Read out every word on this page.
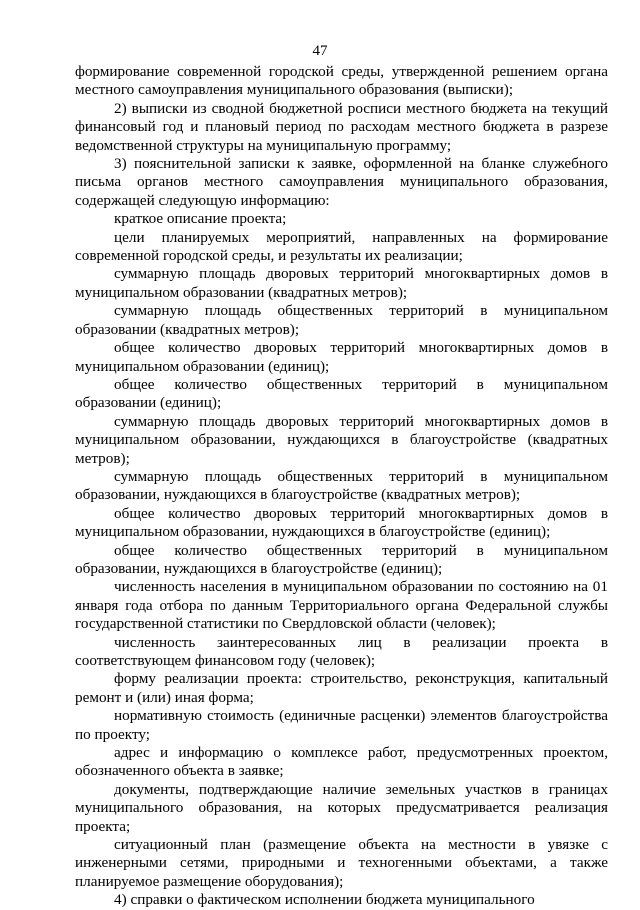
47

формирование современной городской среды, утвержденной решением органа местного самоуправления муниципального образования (выписки);

2) выписки из сводной бюджетной росписи местного бюджета на текущий финансовый год и плановый период по расходам местного бюджета в разрезе ведомственной структуры на муниципальную программу;

3) пояснительной записки к заявке, оформленной на бланке служебного письма органов местного самоуправления муниципального образования, содержащей следующую информацию:

краткое описание проекта;

цели планируемых мероприятий, направленных на формирование современной городской среды, и результаты их реализации;

суммарную площадь дворовых территорий многоквартирных домов в муниципальном образовании (квадратных метров);

суммарную площадь общественных территорий в муниципальном образовании (квадратных метров);

общее количество дворовых территорий многоквартирных домов в муниципальном образовании (единиц);

общее количество общественных территорий в муниципальном образовании (единиц);

суммарную площадь дворовых территорий многоквартирных домов в муниципальном образовании, нуждающихся в благоустройстве (квадратных метров);

суммарную площадь общественных территорий в муниципальном образовании, нуждающихся в благоустройстве (квадратных метров);

общее количество дворовых территорий многоквартирных домов в муниципальном образовании, нуждающихся в благоустройстве (единиц);

общее количество общественных территорий в муниципальном образовании, нуждающихся в благоустройстве (единиц);

численность населения в муниципальном образовании по состоянию на 01 января года отбора по данным Территориального органа Федеральной службы государственной статистики по Свердловской области (человек);

численность заинтересованных лиц в реализации проекта в соответствующем финансовом году (человек);

форму реализации проекта: строительство, реконструкция, капитальный ремонт и (или) иная форма;

нормативную стоимость (единичные расценки) элементов благоустройства по проекту;

адрес и информацию о комплексе работ, предусмотренных проектом, обозначенного объекта в заявке;

документы, подтверждающие наличие земельных участков в границах муниципального образования, на которых предусматривается реализация проекта;

ситуационный план (размещение объекта на местности в увязке с инженерными сетями, природными и техногенными объектами, а также планируемое размещение оборудования);

4) справки о фактическом исполнении бюджета муниципального
